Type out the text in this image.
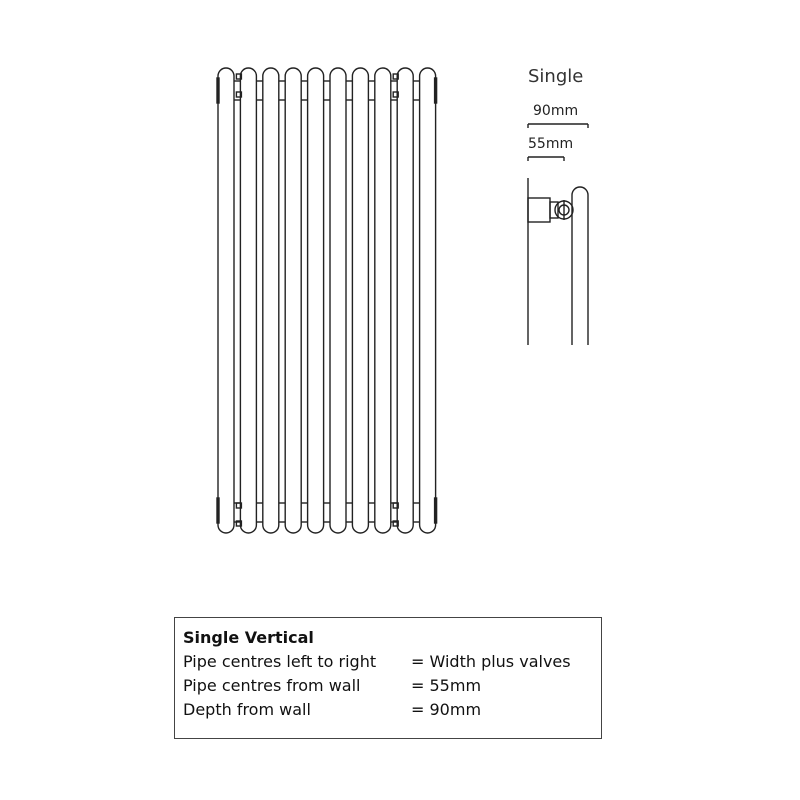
Single
90mm
55mm
Single Vertical
Pipe centres left to right = Width plus valves
Pipe centres from wall	= 55mm
Depth from wall	= 90mm
